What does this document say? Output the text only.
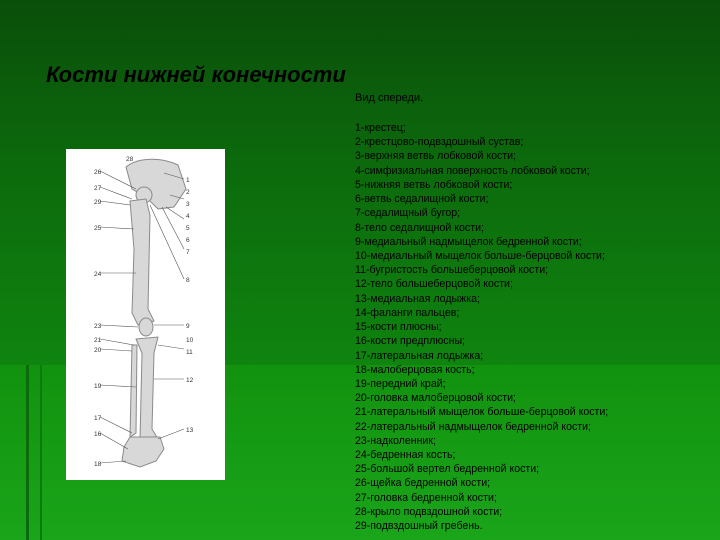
Кости нижней конечности
Вид спереди.
1-крестец;
2-крестцово-подвздошный сустав;
3-верхняя ветвь лобковой кости;
4-симфизиальная поверхность лобковой кости;
5-нижняя ветвь лобковой кости;
6-ветвь седалищной кости;
7-седалищный бугор;
8-тело седалищной кости;
9-медиальный надмыщелок бедренной кости;
10-медиальный мыщелок больше-берцовой кости;
11-бугристость большеберцовой кости;
12-тело большеберцовой кости;
13-медиальная лодыжка;
14-фаланги пальцев;
15-кости плюсны;
16-кости предплюсны;
17-латеральная лодыжка;
18-малоберцовая кость;
19-передний край;
20-головка малоберцовой кости;
21-латеральный мыщелок больше-берцовой кости;
22-латеральный надмыщелок бедренной кости;
23-надколенник;
24-бедренная кость;
25-большой вертел бедренной кости;
26-щейка бедренной кости;
27-головка бедренной кости;
28-крыло подвздошной кости;
29-подвздошный гребень.
28
26
27
29
25
24
23
21
20
19
17
16
18
1
2
3
4
5
6
7
8
9
10
11
12
13
